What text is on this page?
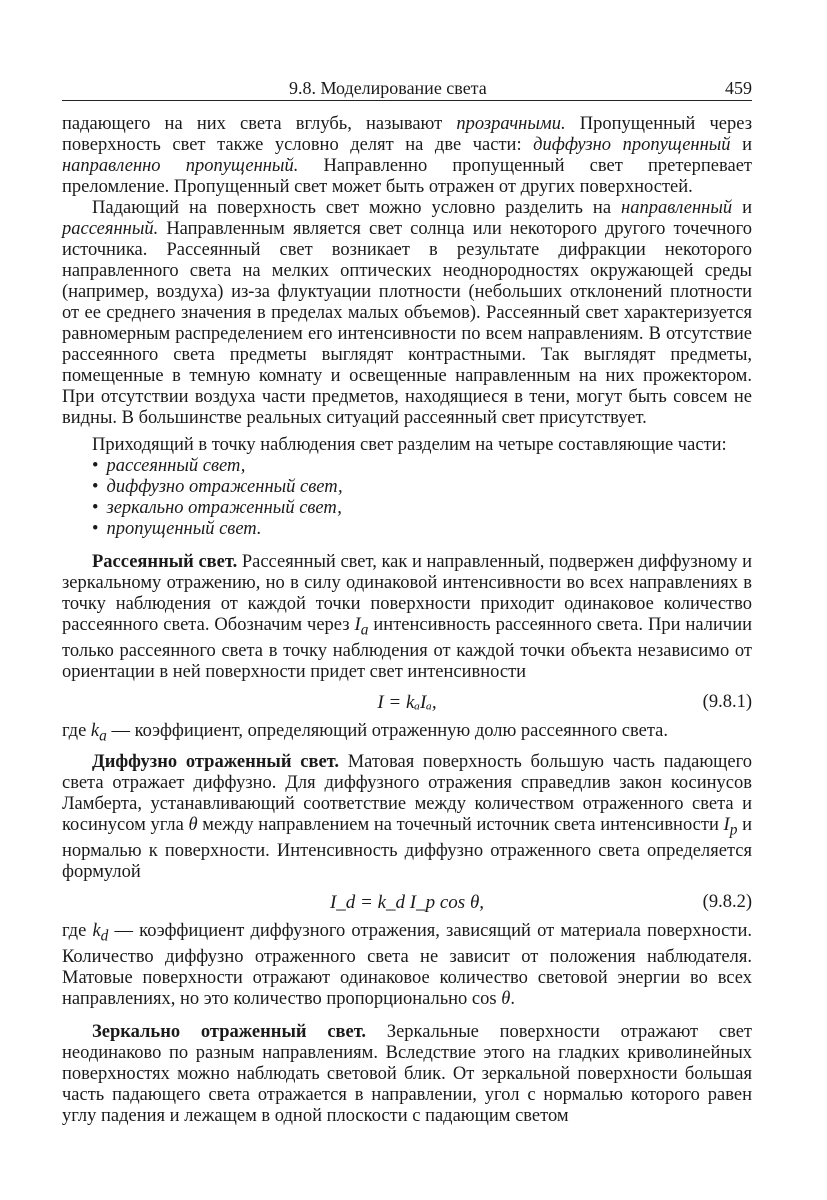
9.8. Моделирование света	459

падающего на них света вглубь, называют прозрачными. Пропущенный через поверхность свет также условно делят на две части: диффузно пропущенный и направленно пропущенный. Направленно пропущенный свет претерпевает преломление. Пропущенный свет может быть отражен от других поверхностей.

Падающий на поверхность свет можно условно разделить на направленный и рассеянный. Направленным является свет солнца или некоторого другого точечного источника. Рассеянный свет возникает в результате дифракции некоторого направленного света на мелких оптических неоднородностях окружающей среды (например, воздуха) из-за флуктуации плотности (небольших отклонений плотности от ее среднего значения в пределах малых объемов). Рассеянный свет характеризуется равномерным распределением его интенсивности по всем направлениям. В отсутствие рассеянного света предметы выглядят контрастными. Так выглядят предметы, помещенные в темную комнату и освещенные направленным на них прожектором. При отсутствии воздуха части предметов, находящиеся в тени, могут быть совсем не видны. В большинстве реальных ситуаций рассеянный свет присутствует.

Приходящий в точку наблюдения свет разделим на четыре составляющие части:

• рассеянный свет,
• диффузно отраженный свет,
• зеркально отраженный свет,
• пропущенный свет.

Рассеянный свет. Рассеянный свет, как и направленный, подвержен диффузному и зеркальному отражению, но в силу одинаковой интенсивности во всех направлениях в точку наблюдения от каждой точки поверхности приходит одинаковое количество рассеянного света. Обозначим через $I_a$ интенсивность рассеянного света. При наличии только рассеянного света в точку наблюдения от каждой точки объекта независимо от ориентации в ней поверхности придет свет интенсивности

I = kₐIₐ,	(9.8.1)

где $k_a$ — коэффициент, определяющий отраженную долю рассеянного света.

Диффузно отраженный свет. Матовая поверхность большую часть падающего света отражает диффузно. Для диффузного отражения справедлив закон косинусов Ламберта, устанавливающий соответствие между количеством отраженного света и косинусом угла θ между направлением на точечный источник света интенсивности $I_p$ и нормалью к поверхности. Интенсивность диффузно отраженного света определяется формулой

I_d = k_d I_p cos θ,	(9.8.2)

где $k_d$ — коэффициент диффузного отражения, зависящий от материала поверхности. Количество диффузно отраженного света не зависит от положения наблюдателя. Матовые поверхности отражают одинаковое количество световой энергии во всех направлениях, но это количество пропорционально cos θ.

Зеркально отраженный свет. Зеркальные поверхности отражают свет неодинаково по разным направлениям. Вследствие этого на гладких криволинейных поверхностях можно наблюдать световой блик. От зеркальной поверхности большая часть падающего света отражается в направлении, угол с нормалью которого равен углу падения и лежащем в одной плоскости с падающим светом
